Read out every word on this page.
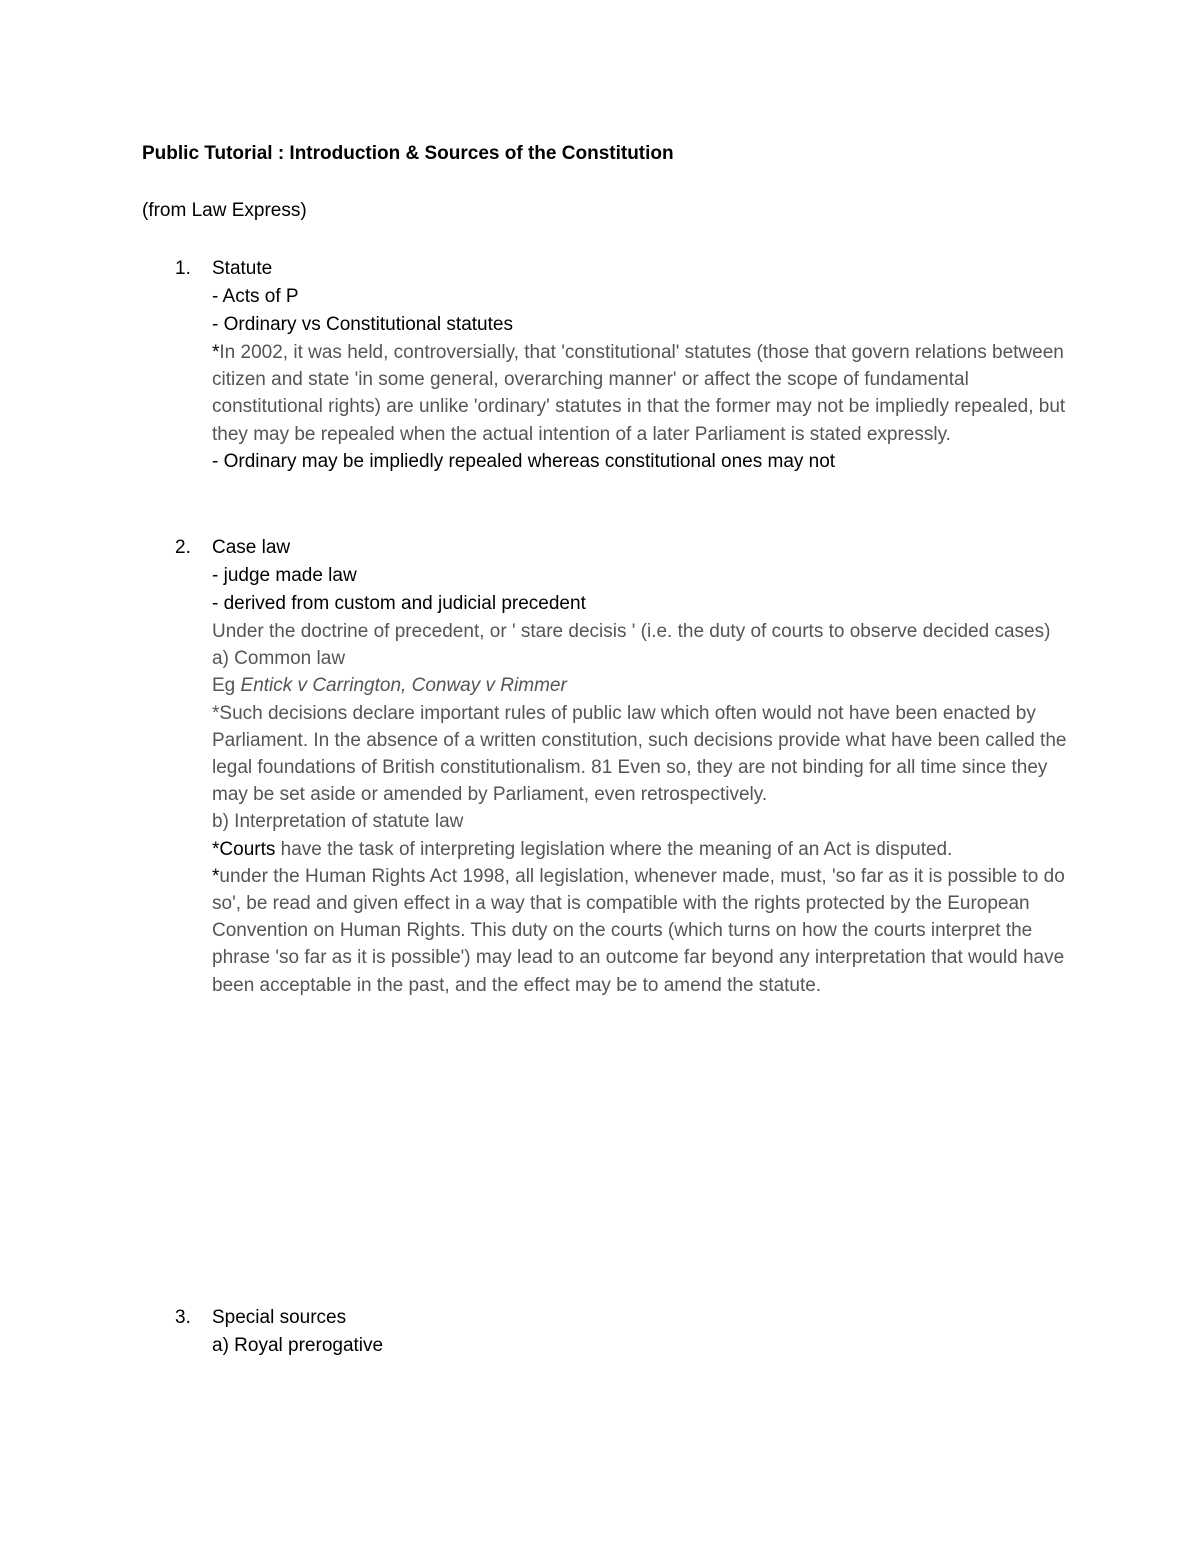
Public Tutorial : Introduction & Sources of the Constitution
(from Law Express)
1. Statute
- Acts of P
- Ordinary vs Constitutional statutes
*In 2002, it was held, controversially, that 'constitutional' statutes (those that govern relations between citizen and state 'in some general, overarching manner' or affect the scope of fundamental constitutional rights) are unlike 'ordinary' statutes in that the former may not be impliedly repealed, but they may be repealed when the actual intention of a later Parliament is stated expressly.
- Ordinary may be impliedly repealed whereas constitutional ones may not
2. Case law
- judge made law
- derived from custom and judicial precedent
Under the doctrine of precedent, or ' stare decisis ' (i.e. the duty of courts to observe decided cases)
a) Common law
Eg Entick v Carrington, Conway v Rimmer
*Such decisions declare important rules of public law which often would not have been enacted by Parliament. In the absence of a written constitution, such decisions provide what have been called the legal foundations of British constitutionalism. 81 Even so, they are not binding for all time since they may be set aside or amended by Parliament, even retrospectively.
b) Interpretation of statute law
*Courts have the task of interpreting legislation where the meaning of an Act is disputed.
*under the Human Rights Act 1998, all legislation, whenever made, must, 'so far as it is possible to do so', be read and given effect in a way that is compatible with the rights protected by the European Convention on Human Rights. This duty on the courts (which turns on how the courts interpret the phrase 'so far as it is possible') may lead to an outcome far beyond any interpretation that would have been acceptable in the past, and the effect may be to amend the statute.
3. Special sources
a) Royal prerogative
